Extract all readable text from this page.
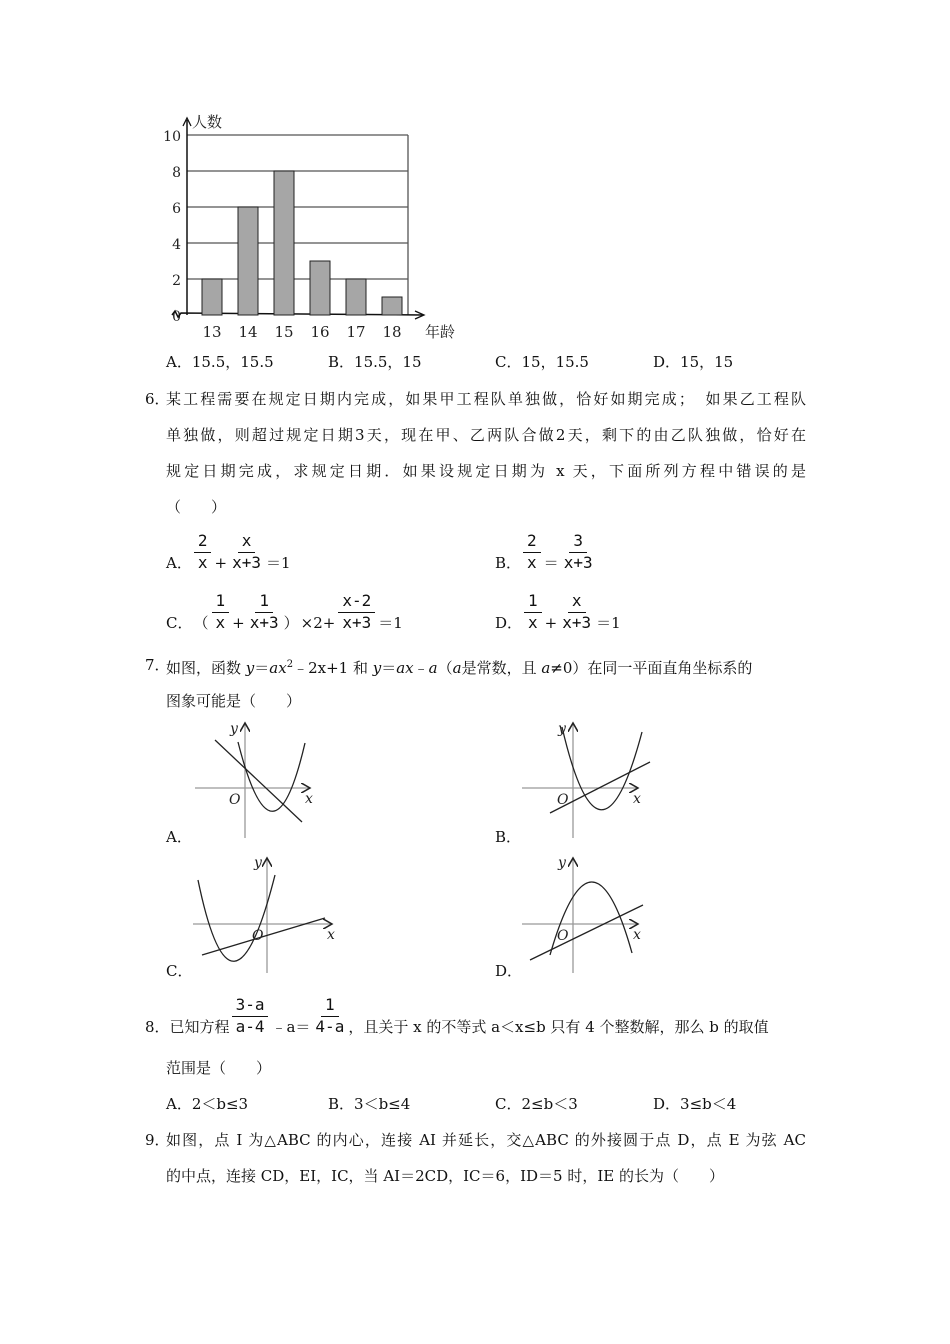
0
2
4
6
8
10
人数
年龄
13 14 15 16 17 18
A．15.5，15.5	B．15.5，15	C．15，15.5	D．15，15
6．
某工程需要在规定日期内完成，如果甲工程队单独做，恰好如期完成；　如果乙工程队
单独做，则超过规定日期3天，现在甲、乙两队合做2天，剩下的由乙队独做，恰好在
规定日期完成，求规定日期．如果设规定日期为 x 天，下面所列方程中错误的是
（　　）
A． $\frac{2}{x} + \frac{x}{x+3} =1$	B． $\frac{2}{x} = \frac{3}{x+3}$
C． （ $\frac{1}{x} + \frac{1}{x+3}$ ） $\times 2+ \frac{x-2}{x+3} =1$	D． $\frac{1}{x} + \frac{x}{x+3} =1$
7．
如图，函数 $y=ax^2﹣2x+1$ 和 y＝ax﹣a（a是常数，且 a≠0）在同一平面直角坐标系的
图象可能是（　　）
y
x
O
y
x
O
y
x
O
y
x
O
A．	B．
C．	D．
8． 已知方程 $\frac{3-a}{a-4}$ ﹣a＝ $\frac{1}{4-a}$ ，且关于 x 的不等式 a＜x≤b 只有 4 个整数解，那么 b 的取值
范围是（　　）
A．2＜b≤3	B．3＜b≤4	C．2≤b＜3	D．3≤b＜4
9．
如图，点 I 为△ABC 的内心，连接 AI 并延长，交△ABC 的外接圆于点 D，点 E 为弦 AC
的中点，连接 CD，EI，IC，当 AI＝2CD，IC＝6，ID＝5 时，IE 的长为（　　）
